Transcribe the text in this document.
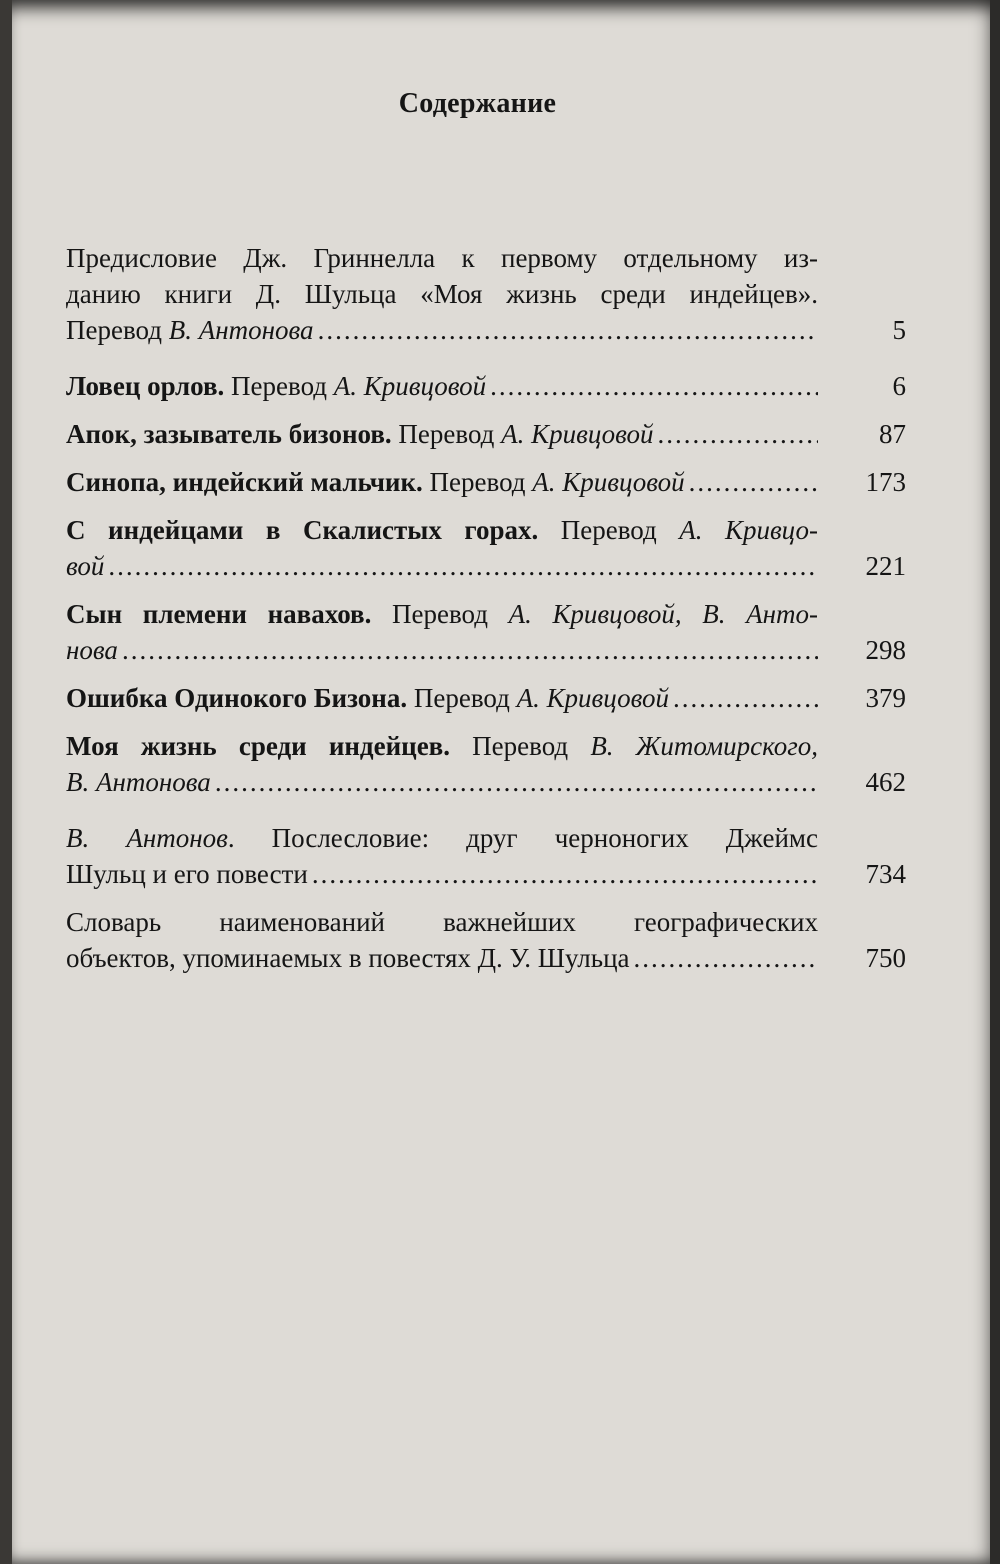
Содержание
Предисловие Дж. Гриннелла к первому отдельному из-
данию книги Д. Шульца «Моя жизнь среди индейцев».
Перевод В. Антонова .....	5
Ловец орлов. Перевод А. Кривцовой .....	6
Апок, зазыватель бизонов. Перевод А. Кривцовой .....	87
Синопа, индейский мальчик. Перевод А. Кривцовой .....	173
С индейцами в Скалистых горах. Перевод А. Кривцо-
вой .....	221
Сын племени навахов. Перевод А. Кривцовой, В. Анто-
нова .....	298
Ошибка Одинокого Бизона. Перевод А. Кривцовой .....	379
Моя жизнь среди индейцев. Перевод В. Житомирского,
В. Антонова .....	462
В. Антонов. Послесловие: друг черноногих Джеймс
Шульц и его повести .....	734
Словарь наименований важнейших географических
объектов, упоминаемых в повестях Д. У. Шульца .....	750
